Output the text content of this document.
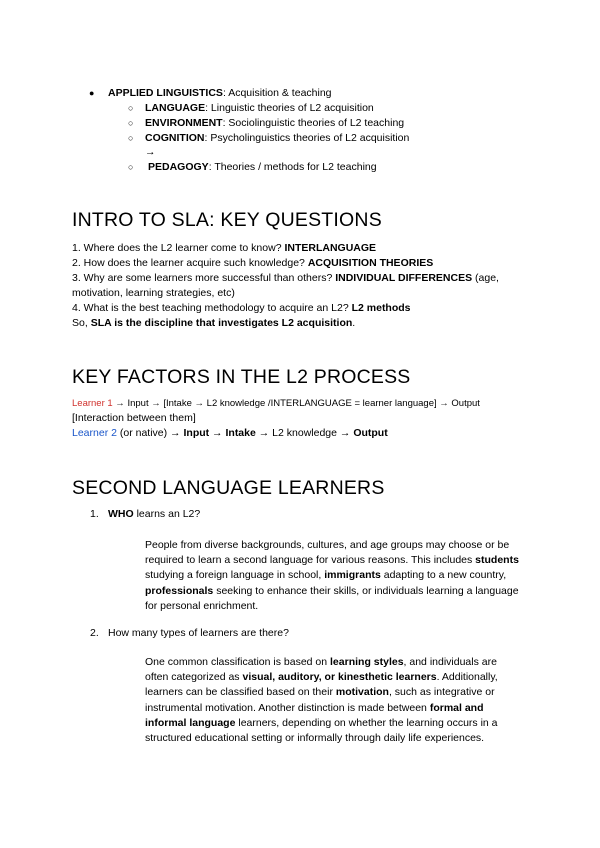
● APPLIED LINGUISTICS: Acquisition & teaching
○ LANGUAGE: Linguistic theories of L2 acquisition
○ ENVIRONMENT: Sociolinguistic theories of L2 teaching
○ COGNITION: Psycholinguistics theories of L2 acquisition
→
○ PEDAGOGY: Theories / methods for L2 teaching
INTRO TO SLA: KEY QUESTIONS
1. Where does the L2 learner come to know? INTERLANGUAGE
2. How does the learner acquire such knowledge? ACQUISITION THEORIES
3. Why are some learners more successful than others? INDIVIDUAL DIFFERENCES (age,
motivation, learning strategies, etc)
4. What is the best teaching methodology to acquire an L2? L2 methods
So, SLA is the discipline that investigates L2 acquisition.
KEY FACTORS IN THE L2 PROCESS
Learner 1 → Input → [Intake → L2 knowledge /INTERLANGUAGE = learner language] → Output
[Interaction between them]
Learner 2 (or native) → Input → Intake → L2 knowledge → Output
SECOND LANGUAGE LEARNERS
1. WHO learns an L2?
People from diverse backgrounds, cultures, and age groups may choose or be required to learn a second language for various reasons. This includes students studying a foreign language in school, immigrants adapting to a new country, professionals seeking to enhance their skills, or individuals learning a language for personal enrichment.
2. How many types of learners are there?
One common classification is based on learning styles, and individuals are often categorized as visual, auditory, or kinesthetic learners. Additionally, learners can be classified based on their motivation, such as integrative or instrumental motivation. Another distinction is made between formal and informal language learners, depending on whether the learning occurs in a structured educational setting or informally through daily life experiences.
